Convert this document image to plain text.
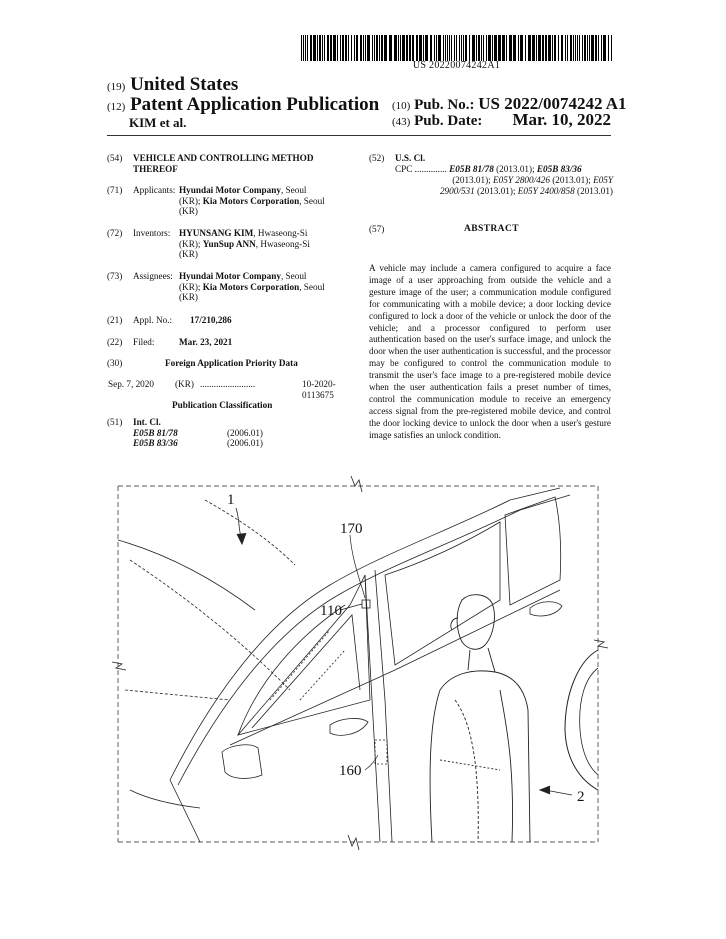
US 20220074242A1
(19) United States
(12) Patent Application Publication
KIM et al.
(10) Pub. No.: US 2022/0074242 A1
(43) Pub. Date: Mar. 10, 2022
(54) VEHICLE AND CONTROLLING METHOD
THEREOF
(71) Applicants: Hyundai Motor Company, Seoul
(KR); Kia Motors Corporation, Seoul
(KR)
(72) Inventors: HYUNSANG KIM, Hwaseong-Si
(KR); YunSup ANN, Hwaseong-Si
(KR)
(73) Assignees: Hyundai Motor Company, Seoul
(KR); Kia Motors Corporation, Seoul
(KR)
(21) Appl. No.: 17/210,286
(22) Filed:	Mar. 23, 2021
(30)	Foreign Application Priority Data
Sep. 7, 2020 (KR) ........................	10-2020-0113675
Publication Classification
(51) Int. Cl.
E05B 81/78	(2006.01)
E05B 83/36	(2006.01)
(52) U.S. Cl.
CPC .............. E05B 81/78 (2013.01); E05B 83/36
(2013.01); E05Y 2800/426 (2013.01); E05Y
2900/531 (2013.01); E05Y 2400/858 (2013.01)
(57)	ABSTRACT
A vehicle may include a camera configured to acquire a face image of a user approaching from outside the vehicle and a gesture image of the user; a communication module configured for communicating with a mobile device; a door locking device configured to lock a door of the vehicle or unlock the door of the vehicle; and a processor configured to perform user authentication based on the user's surface image, and unlock the door when the user authentication is successful, and the processor may be configured to control the communication module to transmit the user's face image to a pre-registered mobile device when the user authentication fails a preset number of times, control the communication module to receive an emergency access signal from the pre-registered mobile device, and control the door locking device to unlock the door when a user's gesture image satisfies an unlock condition.
1
170
110
160
2
